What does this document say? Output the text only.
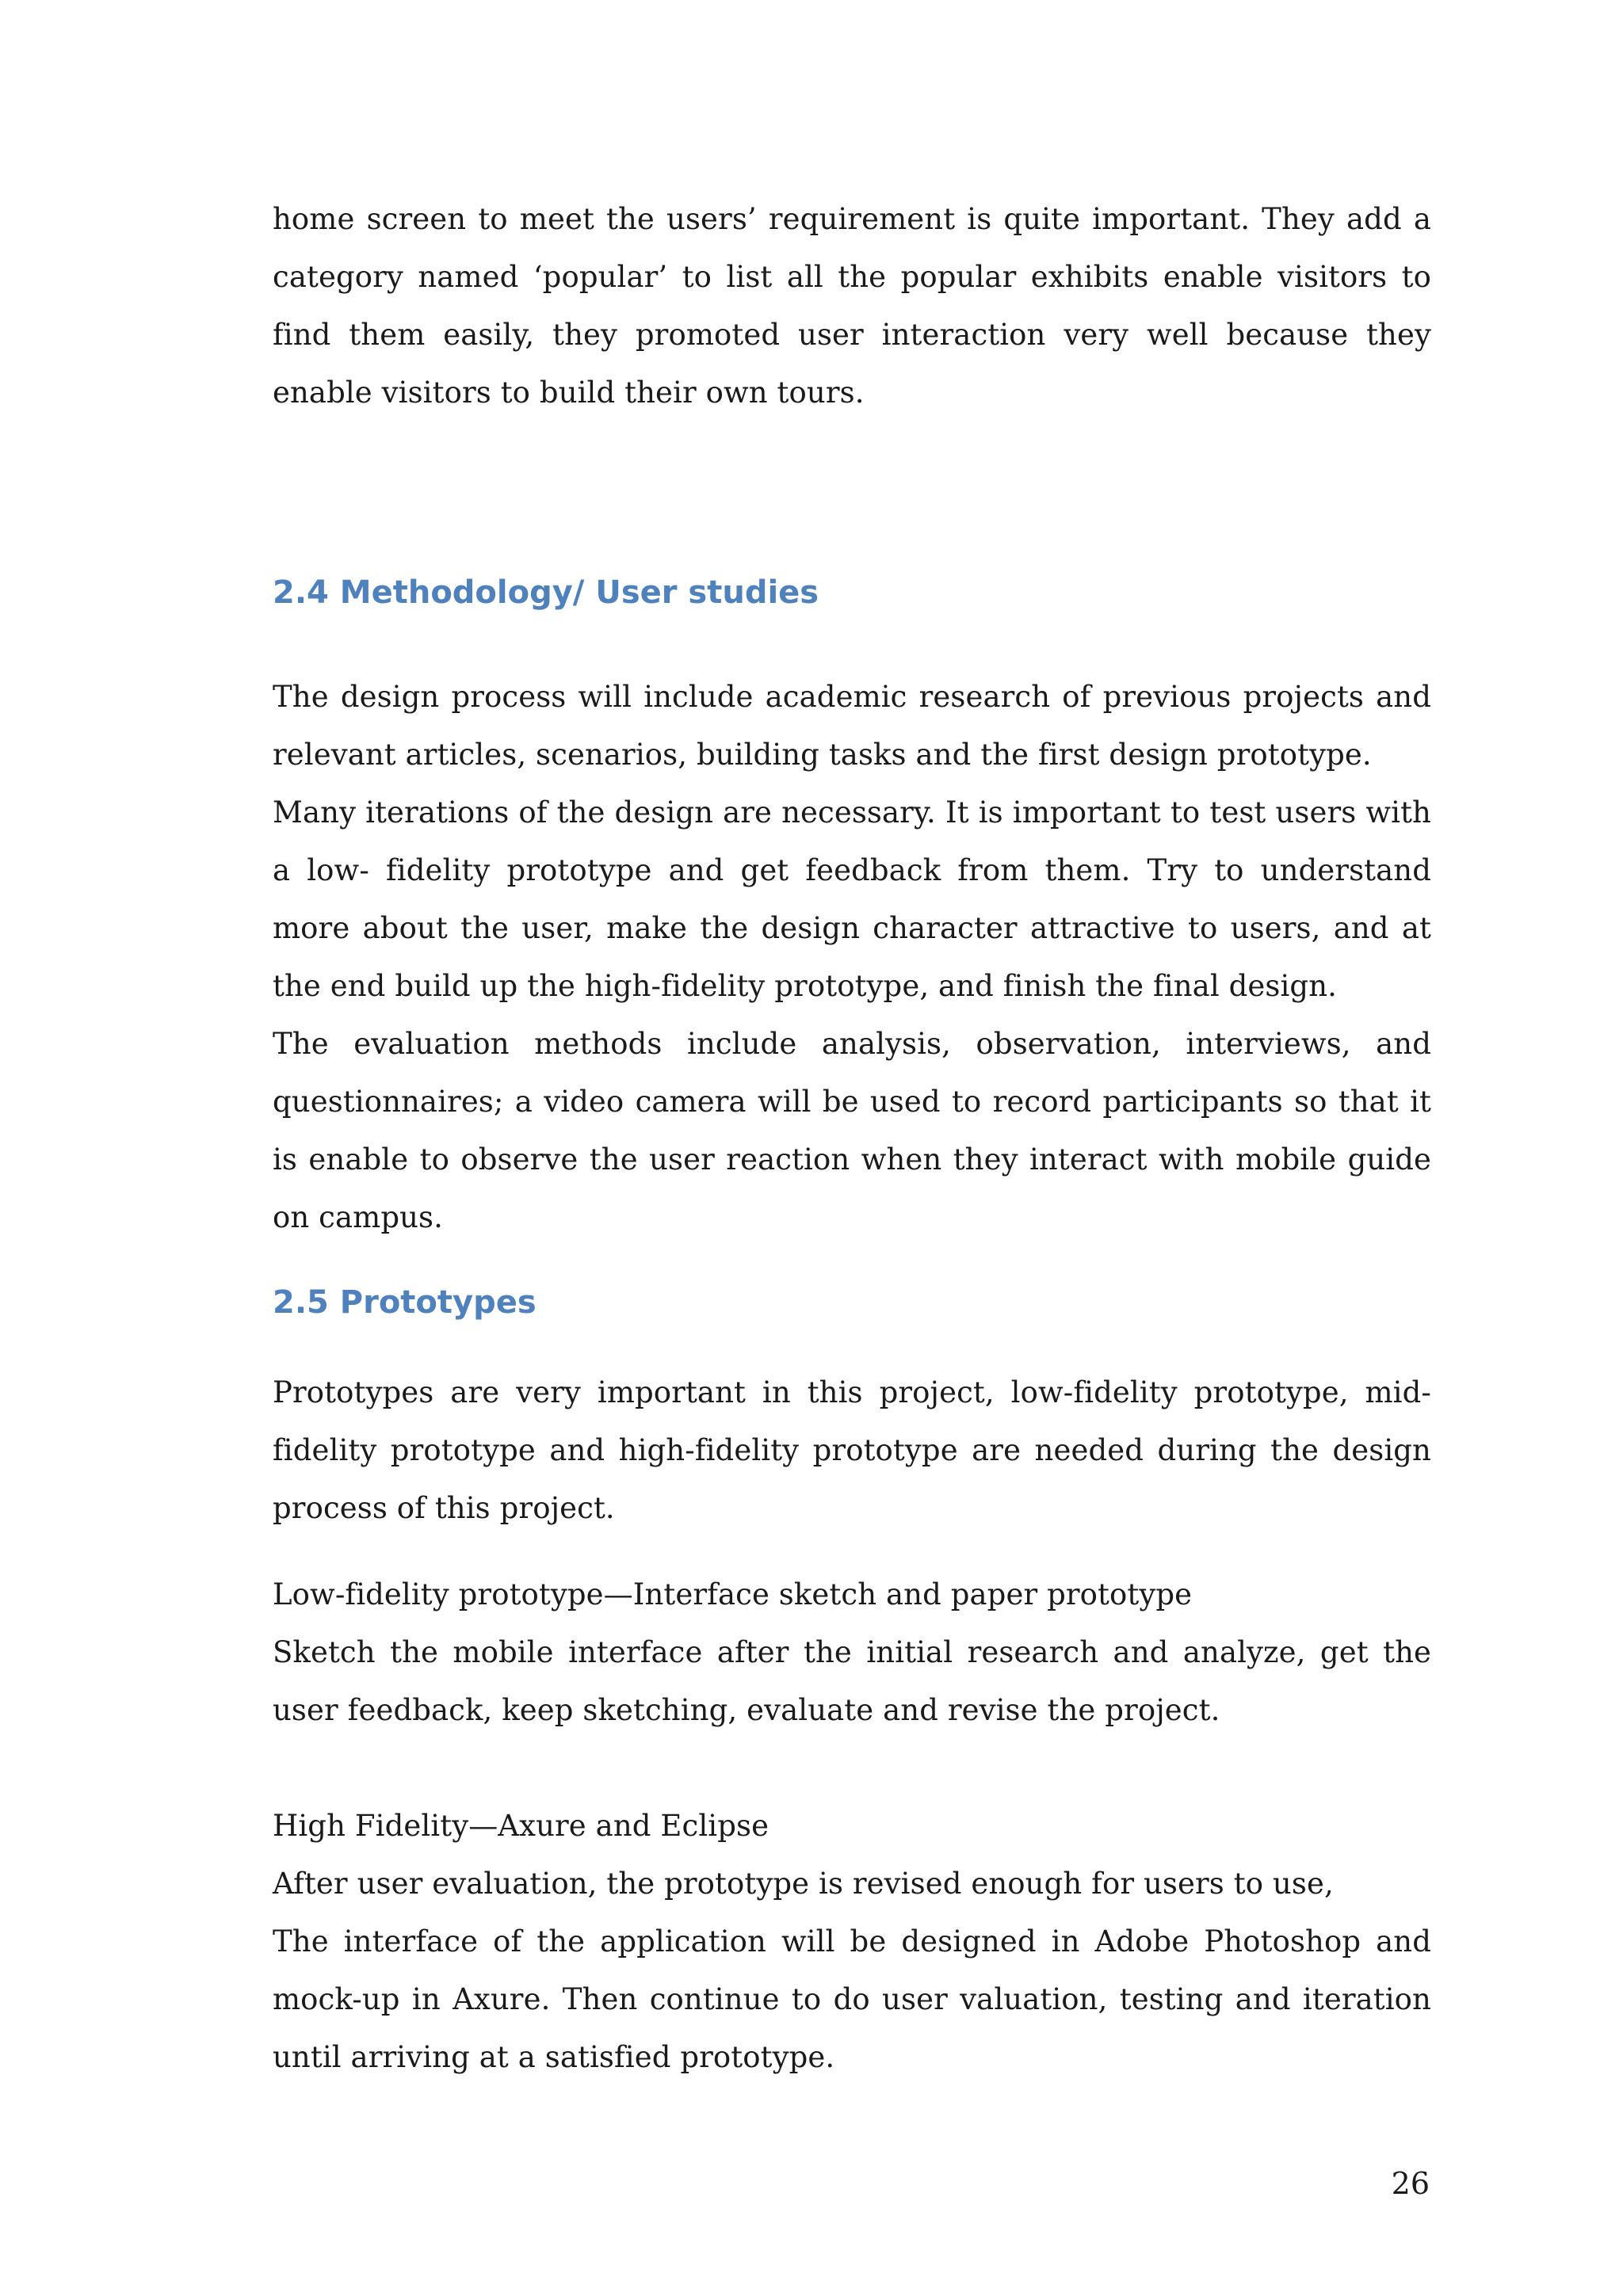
home screen to meet the users’ requirement is quite important. They add a category named ‘popular’ to list all the popular exhibits enable visitors to find them easily, they promoted user interaction very well because they enable visitors to build their own tours.

2.4 Methodology/ User studies

The design process will include academic research of previous projects and relevant articles, scenarios, building tasks and the first design prototype.

Many iterations of the design are necessary. It is important to test users with a low- fidelity prototype and get feedback from them. Try to understand more about the user, make the design character attractive to users, and at the end build up the high-fidelity prototype, and finish the final design.

The evaluation methods include analysis, observation, interviews, and questionnaires; a video camera will be used to record participants so that it is enable to observe the user reaction when they interact with mobile guide on campus.

2.5 Prototypes

Prototypes are very important in this project, low-fidelity prototype, mid-fidelity prototype and high-fidelity prototype are needed during the design process of this project.

Low-fidelity prototype—Interface sketch and paper prototype

Sketch the mobile interface after the initial research and analyze, get the user feedback, keep sketching, evaluate and revise the project.

High Fidelity—Axure and Eclipse

After user evaluation, the prototype is revised enough for users to use,

The interface of the application will be designed in Adobe Photoshop and mock-up in Axure. Then continue to do user valuation, testing and iteration until arriving at a satisfied prototype.

26
